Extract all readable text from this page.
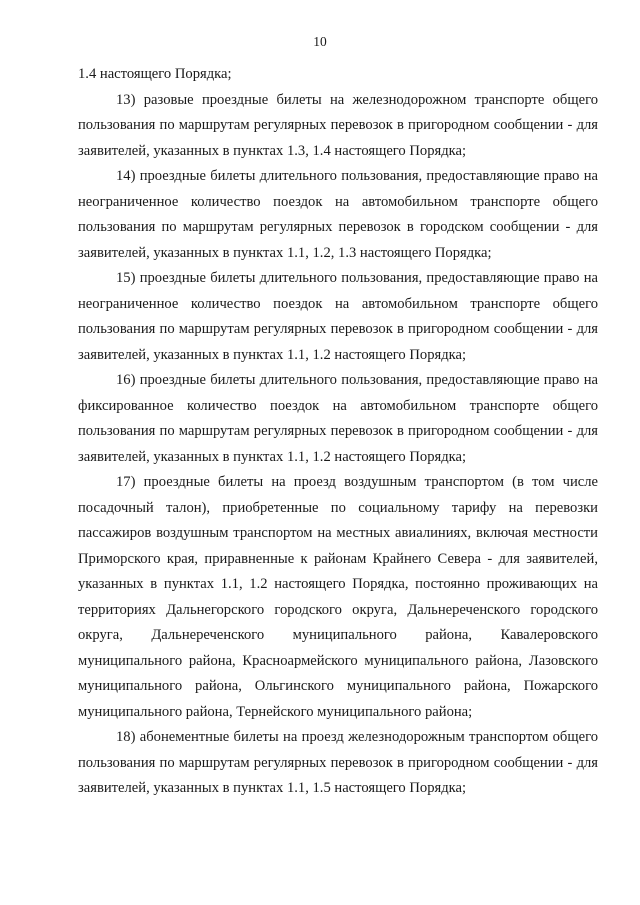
10

1.4 настоящего Порядка;

13) разовые проездные билеты на железнодорожном транспорте общего пользования по маршрутам регулярных перевозок в пригородном сообщении - для заявителей, указанных в пунктах 1.3, 1.4 настоящего Порядка;

14) проездные билеты длительного пользования, предоставляющие право на неограниченное количество поездок на автомобильном транспорте общего пользования по маршрутам регулярных перевозок в городском сообщении - для заявителей, указанных в пунктах 1.1, 1.2, 1.3 настоящего Порядка;

15) проездные билеты длительного пользования, предоставляющие право на неограниченное количество поездок на автомобильном транспорте общего пользования по маршрутам регулярных перевозок в пригородном сообщении - для заявителей, указанных в пунктах 1.1, 1.2 настоящего Порядка;

16) проездные билеты длительного пользования, предоставляющие право на фиксированное количество поездок на автомобильном транспорте общего пользования по маршрутам регулярных перевозок в пригородном сообщении - для заявителей, указанных в пунктах 1.1, 1.2 настоящего Порядка;

17) проездные билеты на проезд воздушным транспортом (в том числе посадочный талон), приобретенные по социальному тарифу на перевозки пассажиров воздушным транспортом на местных авиалиниях, включая местности Приморского края, приравненные к районам Крайнего Севера - для заявителей, указанных в пунктах 1.1, 1.2 настоящего Порядка, постоянно проживающих на территориях Дальнегорского городского округа, Дальнереченского городского округа, Дальнереченского муниципального района, Кавалеровского муниципального района, Красноармейского муниципального района, Лазовского муниципального района, Ольгинского муниципального района, Пожарского муниципального района, Тернейского муниципального района;

18) абонементные билеты на проезд железнодорожным транспортом общего пользования по маршрутам регулярных перевозок в пригородном сообщении - для заявителей, указанных в пунктах 1.1, 1.5 настоящего Порядка;
